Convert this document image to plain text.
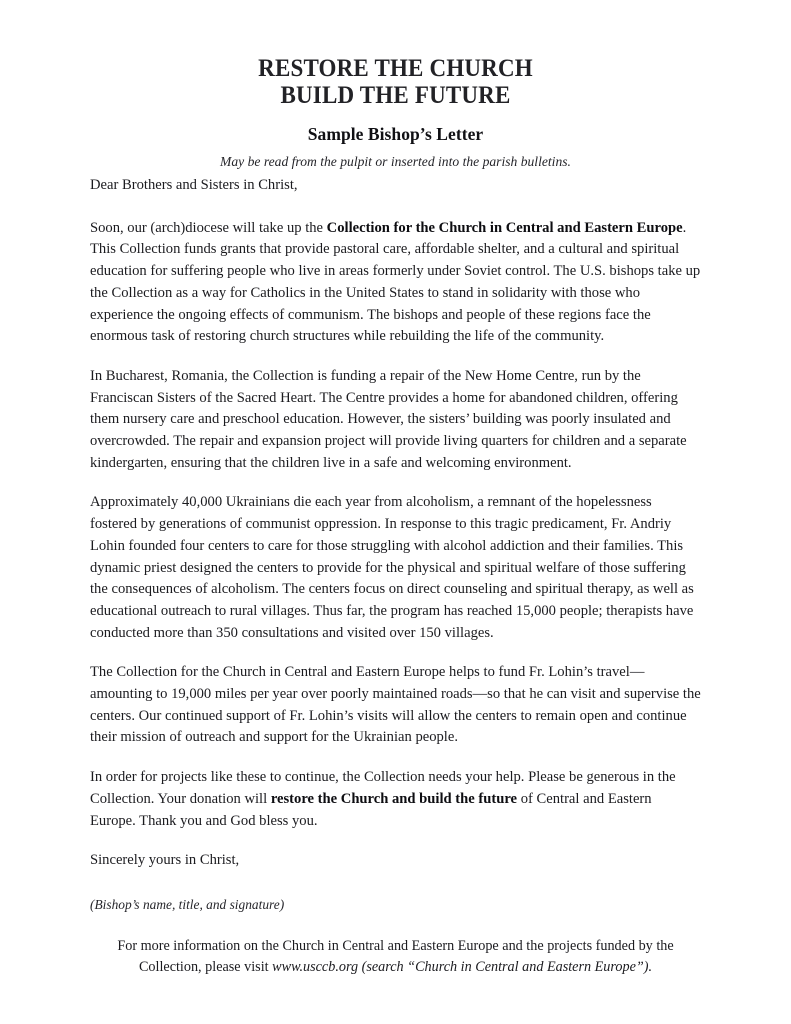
RESTORE THE CHURCH
BUILD THE FUTURE
Sample Bishop’s Letter
May be read from the pulpit or inserted into the parish bulletins.

Dear Brothers and Sisters in Christ,

Soon, our (arch)diocese will take up the Collection for the Church in Central and Eastern Europe. This Collection funds grants that provide pastoral care, affordable shelter, and a cultural and spiritual education for suffering people who live in areas formerly under Soviet control. The U.S. bishops take up the Collection as a way for Catholics in the United States to stand in solidarity with those who experience the ongoing effects of communism. The bishops and people of these regions face the enormous task of restoring church structures while rebuilding the life of the community.

In Bucharest, Romania, the Collection is funding a repair of the New Home Centre, run by the Franciscan Sisters of the Sacred Heart. The Centre provides a home for abandoned children, offering them nursery care and preschool education. However, the sisters’ building was poorly insulated and overcrowded. The repair and expansion project will provide living quarters for children and a separate kindergarten, ensuring that the children live in a safe and welcoming environment.

Approximately 40,000 Ukrainians die each year from alcoholism, a remnant of the hopelessness fostered by generations of communist oppression. In response to this tragic predicament, Fr. Andriy Lohin founded four centers to care for those struggling with alcohol addiction and their families. This dynamic priest designed the centers to provide for the physical and spiritual welfare of those suffering the consequences of alcoholism. The centers focus on direct counseling and spiritual therapy, as well as educational outreach to rural villages. Thus far, the program has reached 15,000 people; therapists have conducted more than 350 consultations and visited over 150 villages.

The Collection for the Church in Central and Eastern Europe helps to fund Fr. Lohin’s travel—amounting to 19,000 miles per year over poorly maintained roads—so that he can visit and supervise the centers. Our continued support of Fr. Lohin’s visits will allow the centers to remain open and continue their mission of outreach and support for the Ukrainian people.

In order for projects like these to continue, the Collection needs your help. Please be generous in the Collection. Your donation will restore the Church and build the future of Central and Eastern Europe. Thank you and God bless you.

Sincerely yours in Christ,

(Bishop’s name, title, and signature)

For more information on the Church in Central and Eastern Europe and the projects funded by the Collection, please visit www.usccb.org (search “Church in Central and Eastern Europe”).
